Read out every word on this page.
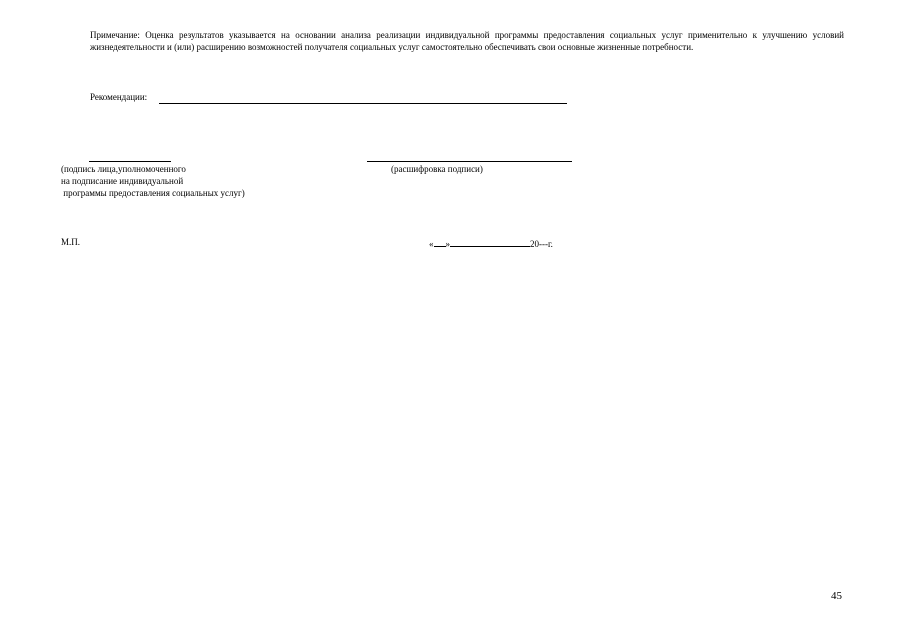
Примечание: Оценка результатов указывается на основании анализа реализации индивидуальной программы предоставления социальных услуг применительно к улучшению условий жизнедеятельности и (или) расширению возможностей получателя социальных услуг самостоятельно обеспечивать свои основные жизненные потребности.
Рекомендации:
(подпись лица,уполномоченного
на подписание индивидуальной
программы предоставления социальных услуг)
(расшифровка подписи)
М.П.	« »	20---г.
45
